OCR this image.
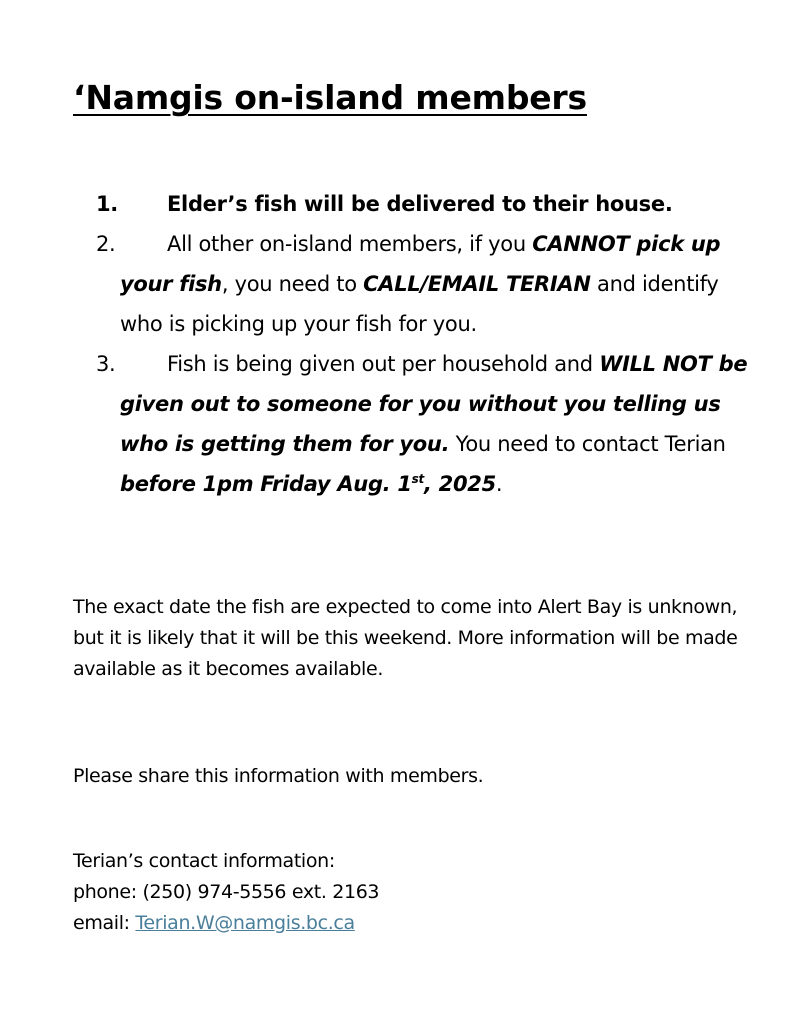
‘Namgis on-island members
1. Elder’s fish will be delivered to their house.
2. All other on-island members, if you CANNOT pick up your fish, you need to CALL/EMAIL TERIAN and identify who is picking up your fish for you.
3. Fish is being given out per household and WILL NOT be given out to someone for you without you telling us who is getting them for you. You need to contact Terian before 1pm Friday Aug. 1st, 2025.

The exact date the fish are expected to come into Alert Bay is unknown, but it is likely that it will be this weekend. More information will be made available as it becomes available.

Please share this information with members.

Terian’s contact information:
phone: (250) 974-5556 ext. 2163
email: Terian.W@namgis.bc.ca
